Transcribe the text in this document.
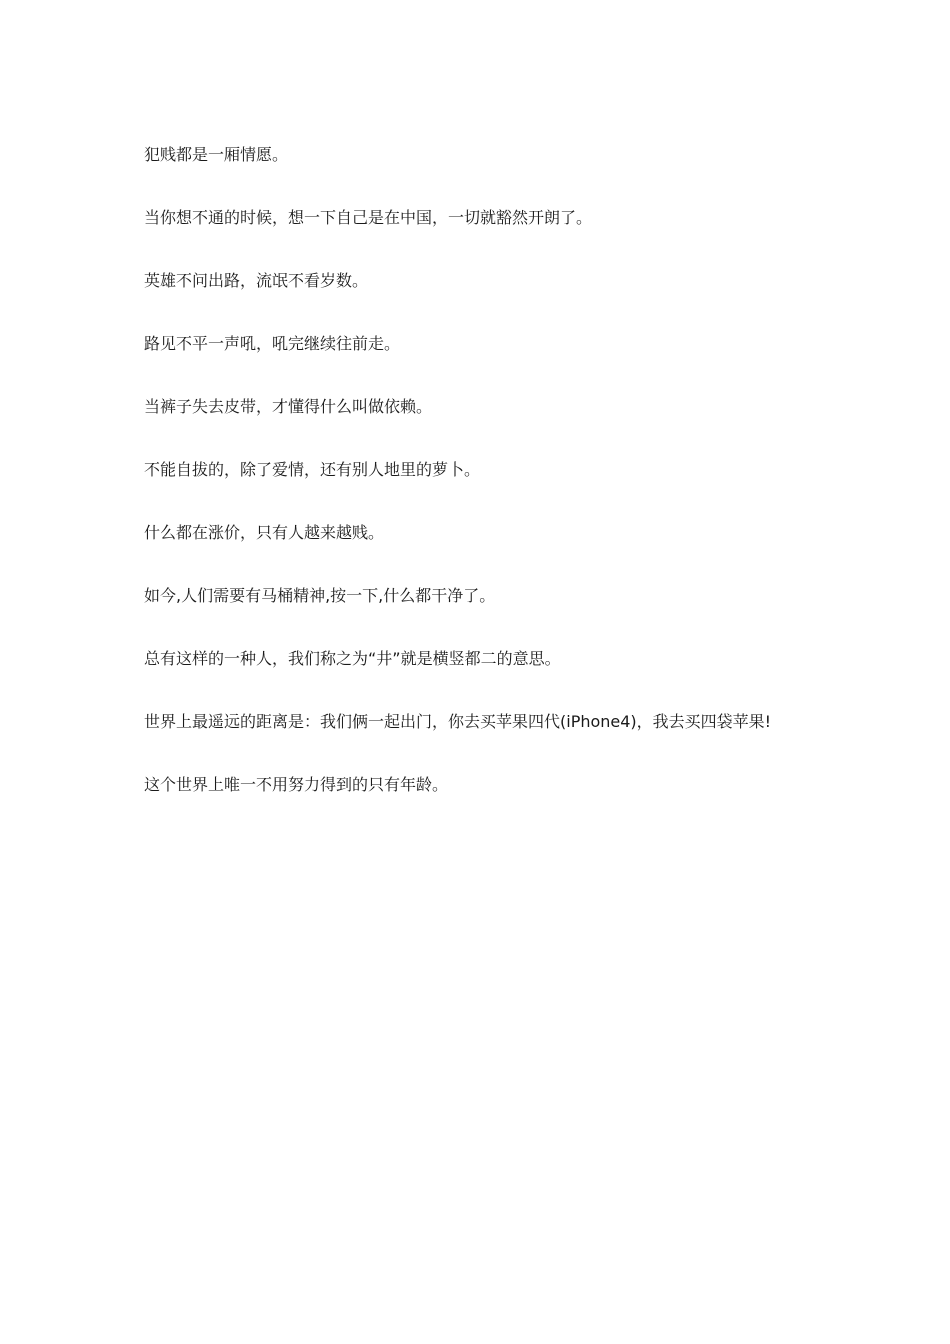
犯贱都是一厢情愿。

当你想不通的时候，想一下自己是在中国，一切就豁然开朗了。

英雄不问出路，流氓不看岁数。

路见不平一声吼，吼完继续往前走。

当裤子失去皮带，才懂得什么叫做依赖。

不能自拔的，除了爱情，还有别人地里的萝卜。

什么都在涨价，只有人越来越贱。

如今,人们需要有马桶精神,按一下,什么都干净了。

总有这样的一种人，我们称之为“井”就是横竖都二的意思。

世界上最遥远的距离是：我们俩一起出门，你去买苹果四代(iPhone4)，我去买四袋苹果!

这个世界上唯一不用努力得到的只有年龄。
